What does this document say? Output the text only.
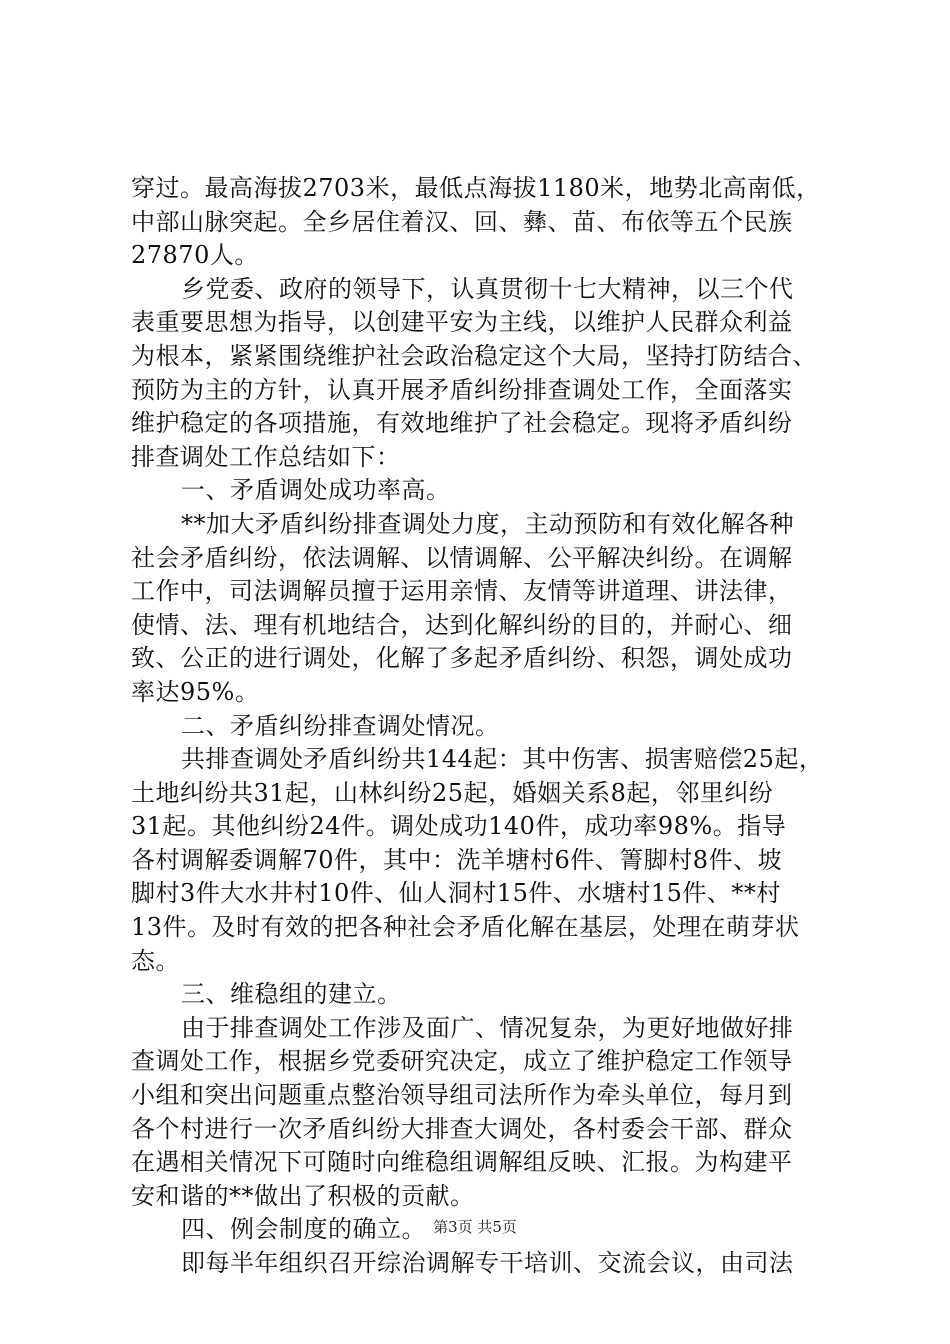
穿过。最高海拔2703米，最低点海拔1180米，地势北高南低，
中部山脉突起。全乡居住着汉、回、彝、苗、布依等五个民族
27870人。
乡党委、政府的领导下，认真贯彻十七大精神，以三个代
表重要思想为指导，以创建平安为主线，以维护人民群众利益
为根本，紧紧围绕维护社会政治稳定这个大局，坚持打防结合、
预防为主的方针，认真开展矛盾纠纷排查调处工作，全面落实
维护稳定的各项措施，有效地维护了社会稳定。现将矛盾纠纷
排查调处工作总结如下：
一、矛盾调处成功率高。
**加大矛盾纠纷排查调处力度，主动预防和有效化解各种
社会矛盾纠纷，依法调解、以情调解、公平解决纠纷。在调解
工作中，司法调解员擅于运用亲情、友情等讲道理、讲法律，
使情、法、理有机地结合，达到化解纠纷的目的，并耐心、细
致、公正的进行调处，化解了多起矛盾纠纷、积怨，调处成功
率达95%。
二、矛盾纠纷排查调处情况。
共排查调处矛盾纠纷共144起：其中伤害、损害赔偿25起，
土地纠纷共31起，山林纠纷25起，婚姻关系8起，邻里纠纷
31起。其他纠纷24件。调处成功140件，成功率98%。指导
各村调解委调解70件，其中：洗羊塘村6件、箐脚村8件、坡
脚村3件大水井村10件、仙人洞村15件、水塘村15件、**村
13件。及时有效的把各种社会矛盾化解在基层，处理在萌芽状
态。
三、维稳组的建立。
由于排查调处工作涉及面广、情况复杂，为更好地做好排
查调处工作，根据乡党委研究决定，成立了维护稳定工作领导
小组和突出问题重点整治领导组司法所作为牵头单位，每月到
各个村进行一次矛盾纠纷大排查大调处，各村委会干部、群众
在遇相关情况下可随时向维稳组调解组反映、汇报。为构建平
安和谐的**做出了积极的贡献。
四、例会制度的确立。
即每半年组织召开综治调解专干培训、交流会议，由司法
第3页 共5页
